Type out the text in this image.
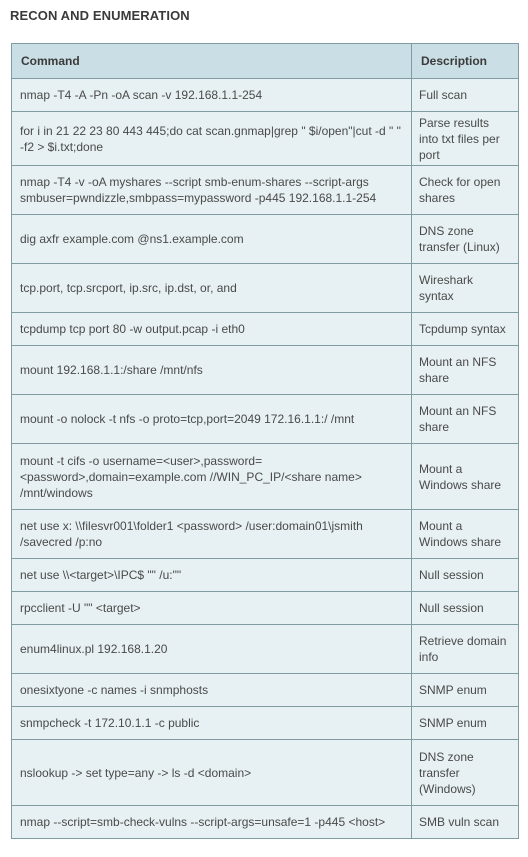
RECON AND ENUMERATION
Command	Description
nmap -T4 -A -Pn -oA scan -v 192.168.1.1-254	Full scan
for i in 21 22 23 80 443 445;do cat scan.gnmap|grep " $i/open"|cut -d " " -f2 > $i.txt;done	Parse results into txt files per port
nmap -T4 -v -oA myshares --script smb-enum-shares --script-args smbuser=pwndizzle,smbpass=mypassword -p445 192.168.1.1-254	Check for open shares
dig axfr example.com @ns1.example.com	DNS zone transfer (Linux)
tcp.port, tcp.srcport, ip.src, ip.dst, or, and	Wireshark syntax
tcpdump tcp port 80 -w output.pcap -i eth0	Tcpdump syntax
mount 192.168.1.1:/share /mnt/nfs	Mount an NFS share
mount -o nolock -t nfs -o proto=tcp,port=2049 172.16.1.1:/ /mnt	Mount an NFS share
mount -t cifs -o username=<user>,password=<password>,domain=example.com //WIN_PC_IP/<share name> /mnt/windows	Mount a Windows share
net use x: \\filesvr001\folder1 <password> /user:domain01\jsmith /savecred /p:no	Mount a Windows share
net use \\<target>\IPC$ "" /u:""	Null session
rpcclient -U "" <target>	Null session
enum4linux.pl 192.168.1.20	Retrieve domain info
onesixtyone -c names -i snmphosts	SNMP enum
snmpcheck -t 172.10.1.1 -c public	SNMP enum
nslookup -> set type=any -> ls -d <domain>	DNS zone transfer (Windows)
nmap --script=smb-check-vulns --script-args=unsafe=1 -p445 <host>	SMB vuln scan
